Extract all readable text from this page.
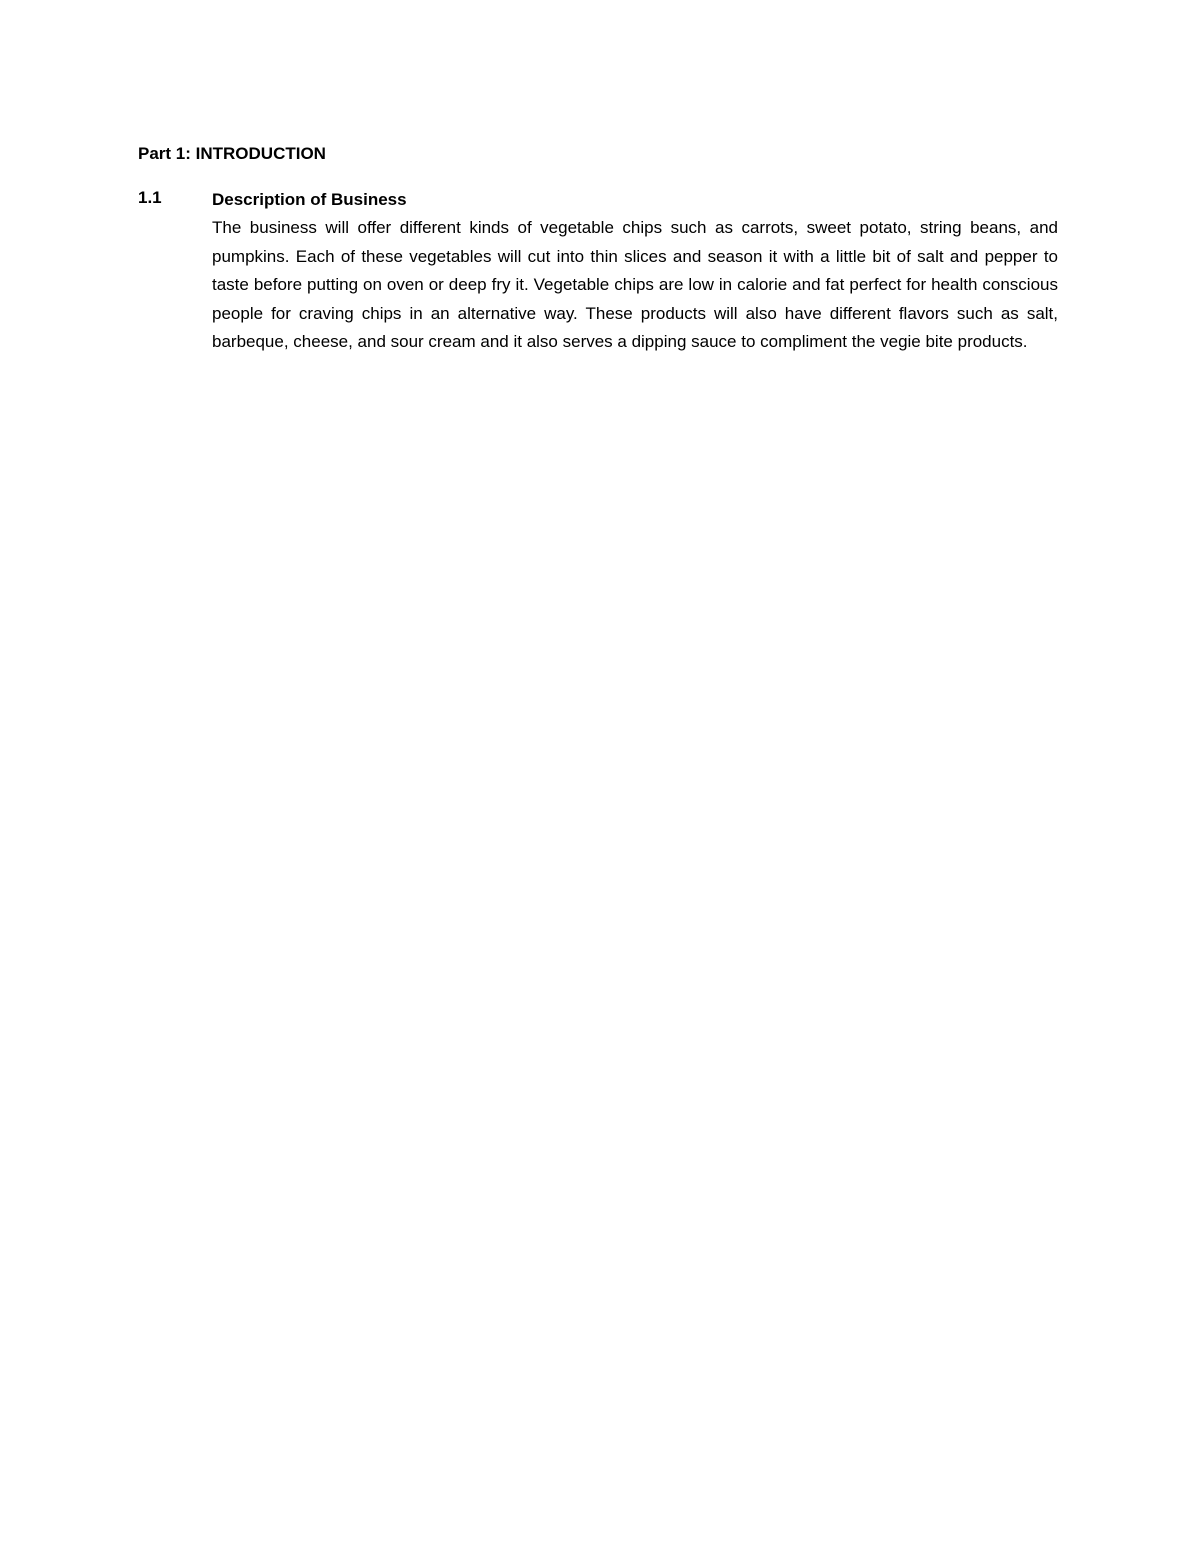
Part 1: INTRODUCTION
1.1	Description of Business

The business will offer different kinds of vegetable chips such as carrots, sweet potato, string beans, and pumpkins. Each of these vegetables will cut into thin slices and season it with a little bit of salt and pepper to taste before putting on oven or deep fry it. Vegetable chips are low in calorie and fat perfect for health conscious people for craving chips in an alternative way. These products will also have different flavors such as salt, barbeque, cheese, and sour cream and it also serves a dipping sauce to compliment the vegie bite products.
